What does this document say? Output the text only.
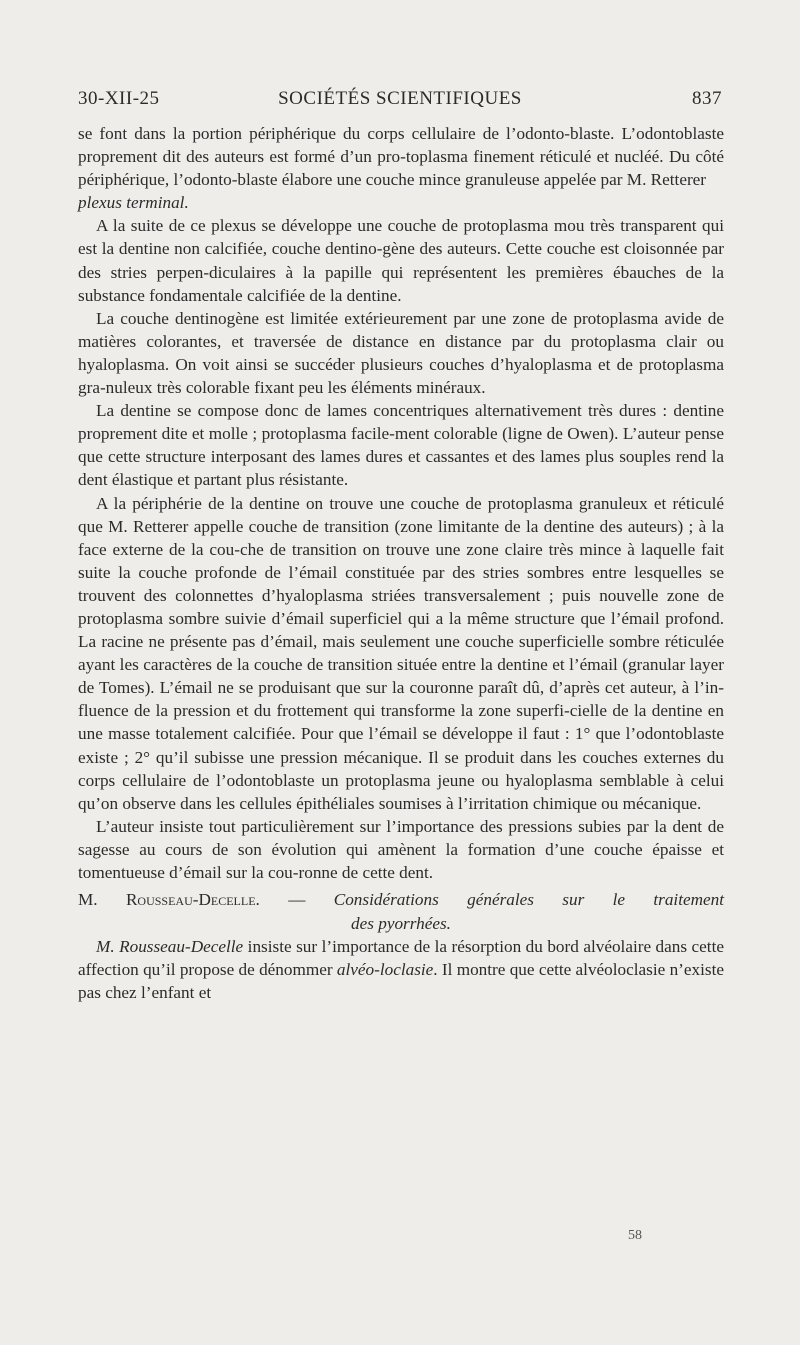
30-XII-25	SOCIÉTÉS SCIENTIFIQUES	837

se font dans la portion périphérique du corps cellulaire de l’odonto-blaste. L’odontoblaste proprement dit des auteurs est formé d’un pro-toplasma finement réticulé et nucléé. Du côté périphérique, l’odonto-blaste élabore une couche mince granuleuse appelée par M. Retterer
plexus terminal.

A la suite de ce plexus se développe une couche de protoplasma mou très transparent qui est la dentine non calcifiée, couche dentino-gène des auteurs. Cette couche est cloisonnée par des stries perpen-diculaires à la papille qui représentent les premières ébauches de la substance fondamentale calcifiée de la dentine.

La couche dentinogène est limitée extérieurement par une zone de protoplasma avide de matières colorantes, et traversée de distance en distance par du protoplasma clair ou hyaloplasma. On voit ainsi se succéder plusieurs couches d’hyaloplasma et de protoplasma gra-nuleux très colorable fixant peu les éléments minéraux.

La dentine se compose donc de lames concentriques alternativement très dures : dentine proprement dite et molle ; protoplasma facile-ment colorable (ligne de Owen). L’auteur pense que cette structure interposant des lames dures et cassantes et des lames plus souples rend la dent élastique et partant plus résistante.

A la périphérie de la dentine on trouve une couche de protoplasma granuleux et réticulé que M. Retterer appelle couche de transition (zone limitante de la dentine des auteurs) ; à la face externe de la cou-che de transition on trouve une zone claire très mince à laquelle fait suite la couche profonde de l’émail constituée par des stries sombres entre lesquelles se trouvent des colonnettes d’hyaloplasma striées transversalement ; puis nouvelle zone de protoplasma sombre suivie d’émail superficiel qui a la même structure que l’émail profond. La racine ne présente pas d’émail, mais seulement une couche superficielle sombre réticulée ayant les caractères de la couche de transition située entre la dentine et l’émail (granular layer de Tomes). L’émail ne se produisant que sur la couronne paraît dû, d’après cet auteur, à l’in-fluence de la pression et du frottement qui transforme la zone superfi-cielle de la dentine en une masse totalement calcifiée. Pour que l’émail se développe il faut : 1° que l’odontoblaste existe ; 2° qu’il subisse une pression mécanique. Il se produit dans les couches externes du corps cellulaire de l’odontoblaste un protoplasma jeune ou hyaloplasma semblable à celui qu’on observe dans les cellules épithéliales soumises à l’irritation chimique ou mécanique.

L’auteur insiste tout particulièrement sur l’importance des pressions subies par la dent de sagesse au cours de son évolution qui amènent la formation d’une couche épaisse et tomentueuse d’émail sur la cou-ronne de cette dent.

M. Rousseau-Decelle. — Considérations générales sur le traitement
des pyorrhées.

M. Rousseau-Decelle insiste sur l’importance de la résorption du bord alvéolaire dans cette affection qu’il propose de dénommer alvéo-loclasie. Il montre que cette alvéoloclasie n’existe pas chez l’enfant et

58
